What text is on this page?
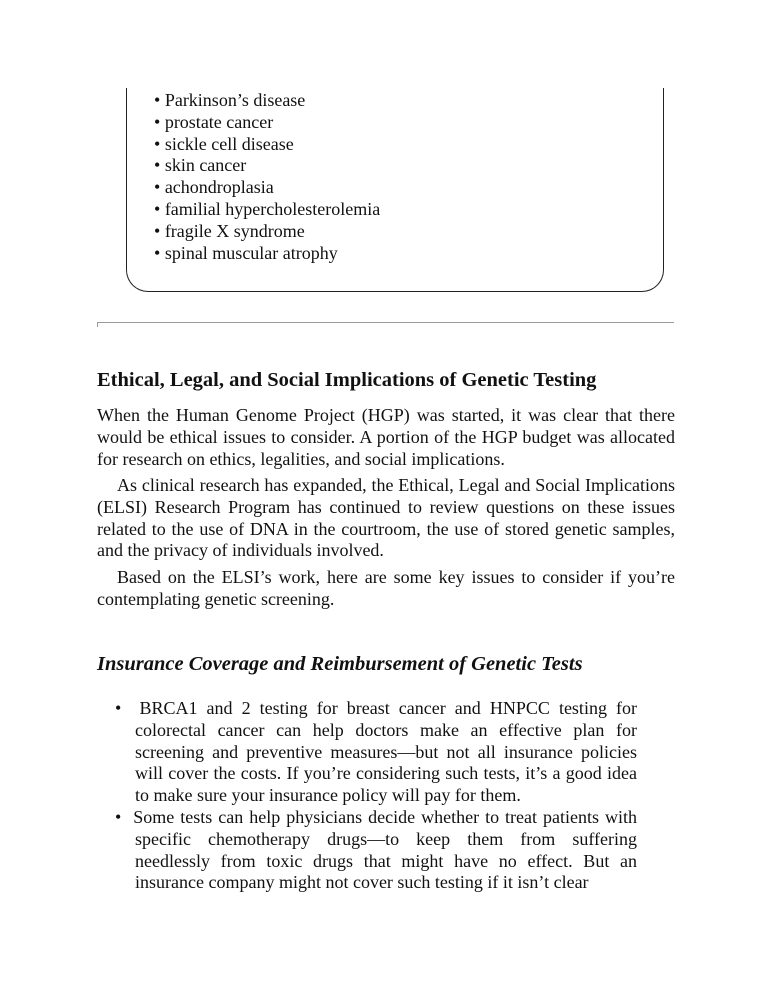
• Parkinson’s disease
• prostate cancer
• sickle cell disease
• skin cancer
• achondroplasia
• familial hypercholesterolemia
• fragile X syndrome
• spinal muscular atrophy
Ethical, Legal, and Social Implications of Genetic Testing

When the Human Genome Project (HGP) was started, it was clear that there would be ethical issues to consider. A portion of the HGP budget was allocated for research on ethics, legalities, and social implications.

As clinical research has expanded, the Ethical, Legal and Social Implications (ELSI) Research Program has continued to review questions on these issues related to the use of DNA in the courtroom, the use of stored genetic samples, and the privacy of individuals involved.

Based on the ELSI’s work, here are some key issues to consider if you’re contemplating genetic screening.

Insurance Coverage and Reimbursement of Genetic Tests
•  BRCA1 and 2 testing for breast cancer and HNPCC testing for colorectal cancer can help doctors make an effective plan for screening and preventive measures—but not all insurance policies will cover the costs. If you’re considering such tests, it’s a good idea to make sure your insurance policy will pay for them.
•  Some tests can help physicians decide whether to treat patients with specific chemotherapy drugs—to keep them from suffering needlessly from toxic drugs that might have no effect. But an insurance company might not cover such testing if it isn’t clear
